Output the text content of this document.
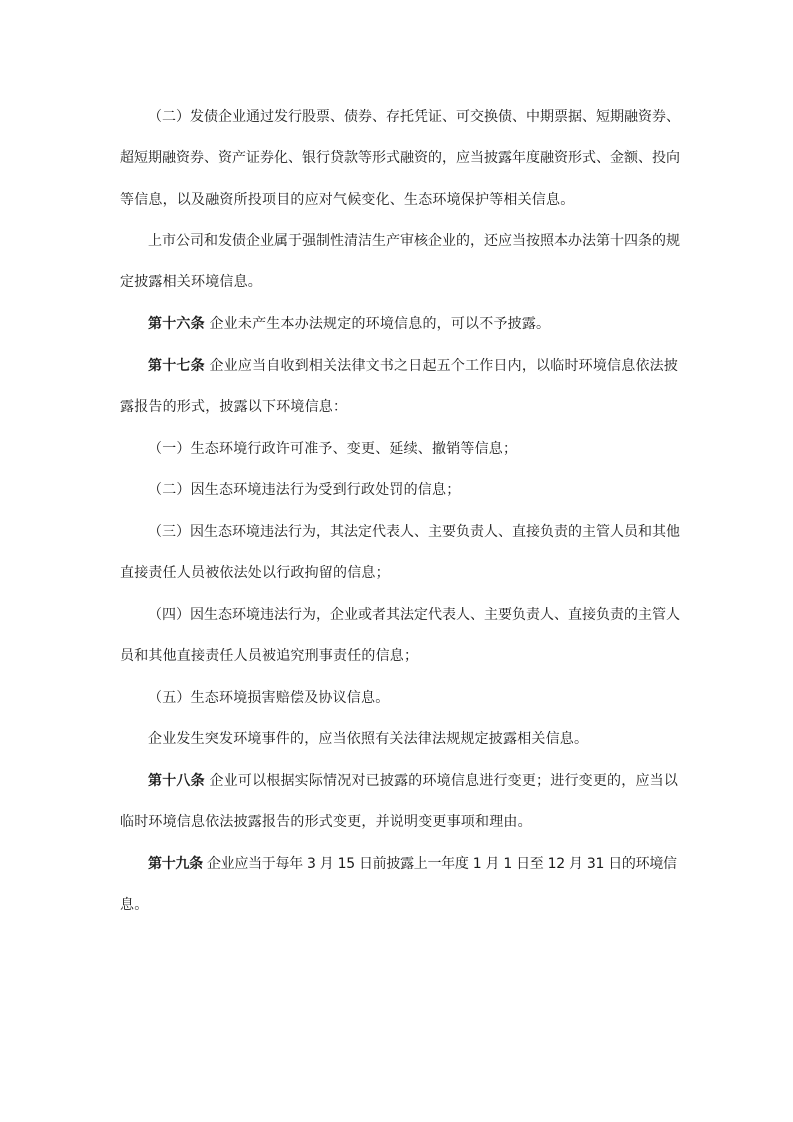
（二）发债企业通过发行股票、债券、存托凭证、可交换债、中期票据、短期融资券、
超短期融资券、资产证券化、银行贷款等形式融资的，应当披露年度融资形式、金额、投向
等信息，以及融资所投项目的应对气候变化、生态环境保护等相关信息。
上市公司和发债企业属于强制性清洁生产审核企业的，还应当按照本办法第十四条的规
定披露相关环境信息。
第十六条 企业未产生本办法规定的环境信息的，可以不予披露。
第十七条 企业应当自收到相关法律文书之日起五个工作日内，以临时环境信息依法披
露报告的形式，披露以下环境信息：
（一）生态环境行政许可准予、变更、延续、撤销等信息；
（二）因生态环境违法行为受到行政处罚的信息；
（三）因生态环境违法行为，其法定代表人、主要负责人、直接负责的主管人员和其他
直接责任人员被依法处以行政拘留的信息；
（四）因生态环境违法行为，企业或者其法定代表人、主要负责人、直接负责的主管人
员和其他直接责任人员被追究刑事责任的信息；
（五）生态环境损害赔偿及协议信息。
企业发生突发环境事件的，应当依照有关法律法规规定披露相关信息。
第十八条 企业可以根据实际情况对已披露的环境信息进行变更；进行变更的，应当以
临时环境信息依法披露报告的形式变更，并说明变更事项和理由。
第十九条 企业应当于每年 3 月 15 日前披露上一年度 1 月 1 日至 12 月 31 日的环境信
息。
